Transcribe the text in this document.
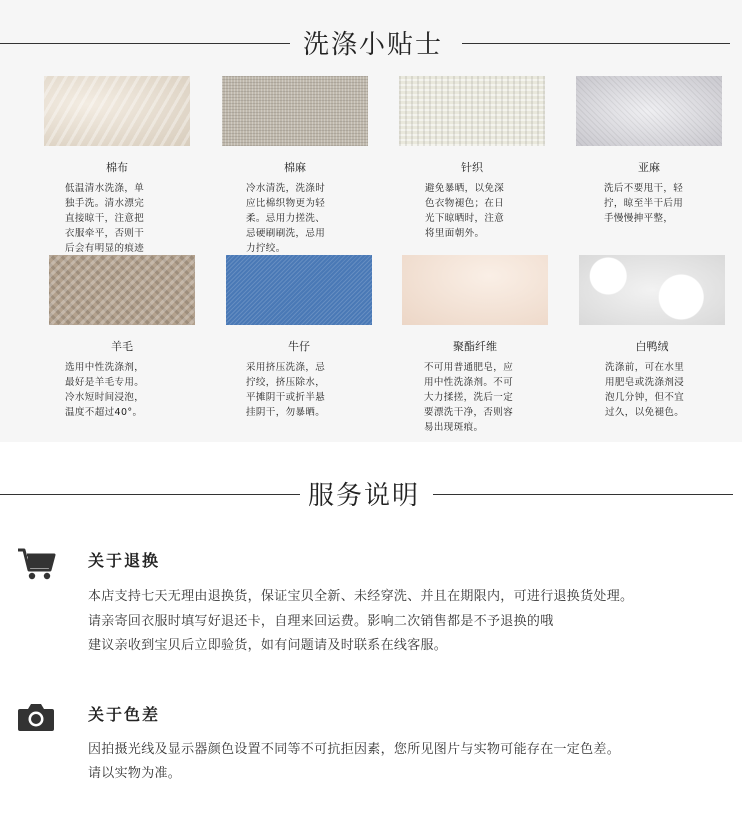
洗涤小贴士
棉布
低温清水洗涤，单
独手洗。清水漂完
直接晾干，注意把
衣服牵平，否则干
后会有明显的痕迹
棉麻
冷水清洗，洗涤时
应比棉织物更为轻
柔。忌用力搓洗、
忌硬刷刷洗，忌用
力拧绞。
针织
避免暴晒，以免深
色衣物褪色；在日
光下晾晒时，注意
将里面朝外。
亚麻
洗后不要甩干，轻
拧，晾至半干后用
手慢慢抻平整，
羊毛
选用中性洗涤剂，
最好是羊毛专用。
冷水短时间浸泡，
温度不超过40°。
牛仔
采用挤压洗涤，忌
拧绞，挤压除水，
平摊阴干或折半悬
挂阴干，勿暴晒。
聚酯纤维
不可用普通肥皂，应
用中性洗涤剂。不可
大力揉搓，洗后一定
要漂洗干净，否则容
易出现斑痕。
白鸭绒
洗涤前，可在水里
用肥皂或洗涤剂浸
泡几分钟，但不宜
过久，以免褪色。
服务说明
关于退换
本店支持七天无理由退换货，保证宝贝全新、未经穿洗、并且在期限内，可进行退换货处理。
请亲寄回衣服时填写好退还卡，自理来回运费。影响二次销售都是不予退换的哦
建议亲收到宝贝后立即验货，如有问题请及时联系在线客服。
关于色差
因拍摄光线及显示器颜色设置不同等不可抗拒因素，您所见图片与实物可能存在一定色差。
请以实物为准。
